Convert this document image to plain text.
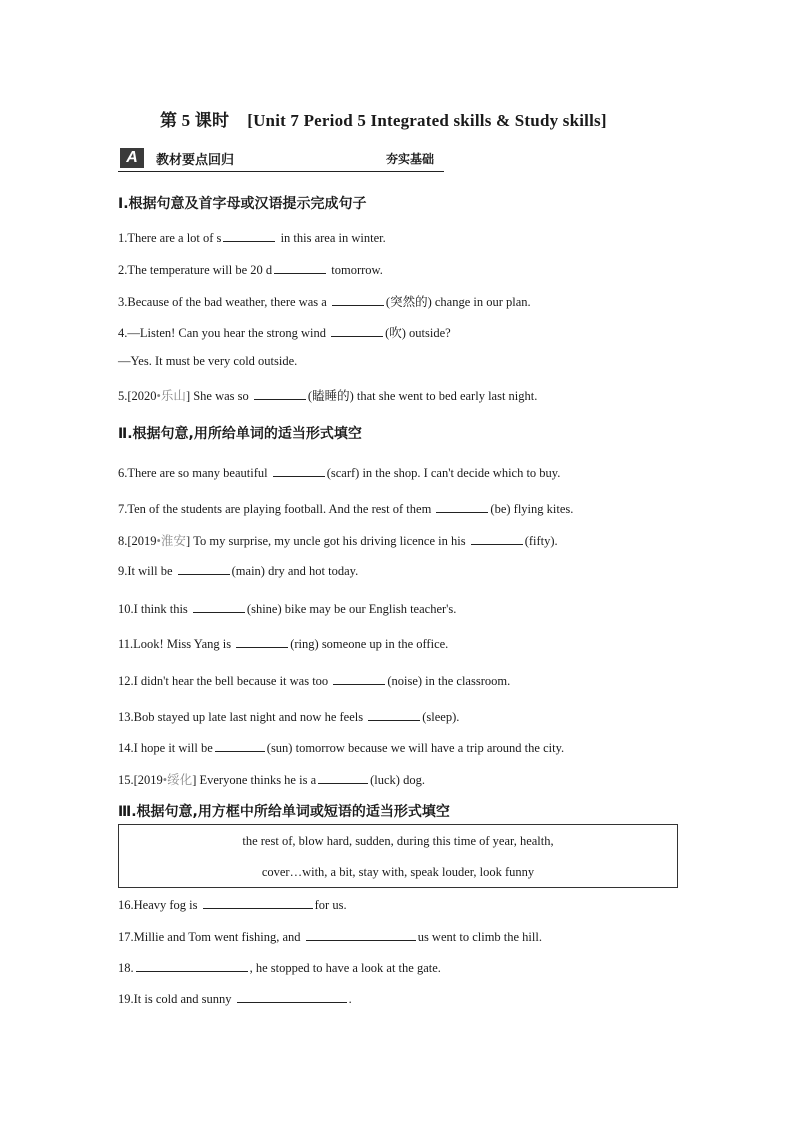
第 5 课时 [Unit 7 Period 5 Integrated skills & Study skills]
A	教材要点回归	夯实基础
Ⅰ.根据句意及首字母或汉语提示完成句子
1.There are a lot of s	in this area in winter.
2.The temperature will be 20 d	tomorrow.
3.Because of the bad weather, there was a	(突然的) change in our plan.
4.—Listen! Can you hear the strong wind	(吹) outside?
—Yes. It must be very cold outside.
5.[2020•乐山] She was so	(瞌睡的) that she went to bed early last night.
Ⅱ.根据句意,用所给单词的适当形式填空
6.There are so many beautiful	(scarf) in the shop. I can't decide which to buy.
7.Ten of the students are playing football. And the rest of them	(be) flying kites.
8.[2019•淮安] To my surprise, my uncle got his driving licence in his	(fifty).
9.It will be	(main) dry and hot today.
10.I think this	(shine) bike may be our English teacher's.
11.Look! Miss Yang is	(ring) someone up in the office.
12.I didn't hear the bell because it was too	(noise) in the classroom.
13.Bob stayed up late last night and now he feels	(sleep).
14.I hope it will be	(sun) tomorrow because we will have a trip around the city.
15.[2019•绥化] Everyone thinks he is a	(luck) dog.
Ⅲ.根据句意,用方框中所给单词或短语的适当形式填空
the rest of, blow hard, sudden, during this time of year, health,
cover…with, a bit, stay with, speak louder, look funny
16.Heavy fog is	for us.
17.Millie and Tom went fishing, and	us went to climb the hill.
18.	, he stopped to have a look at the gate.
19.It is cold and sunny	.
